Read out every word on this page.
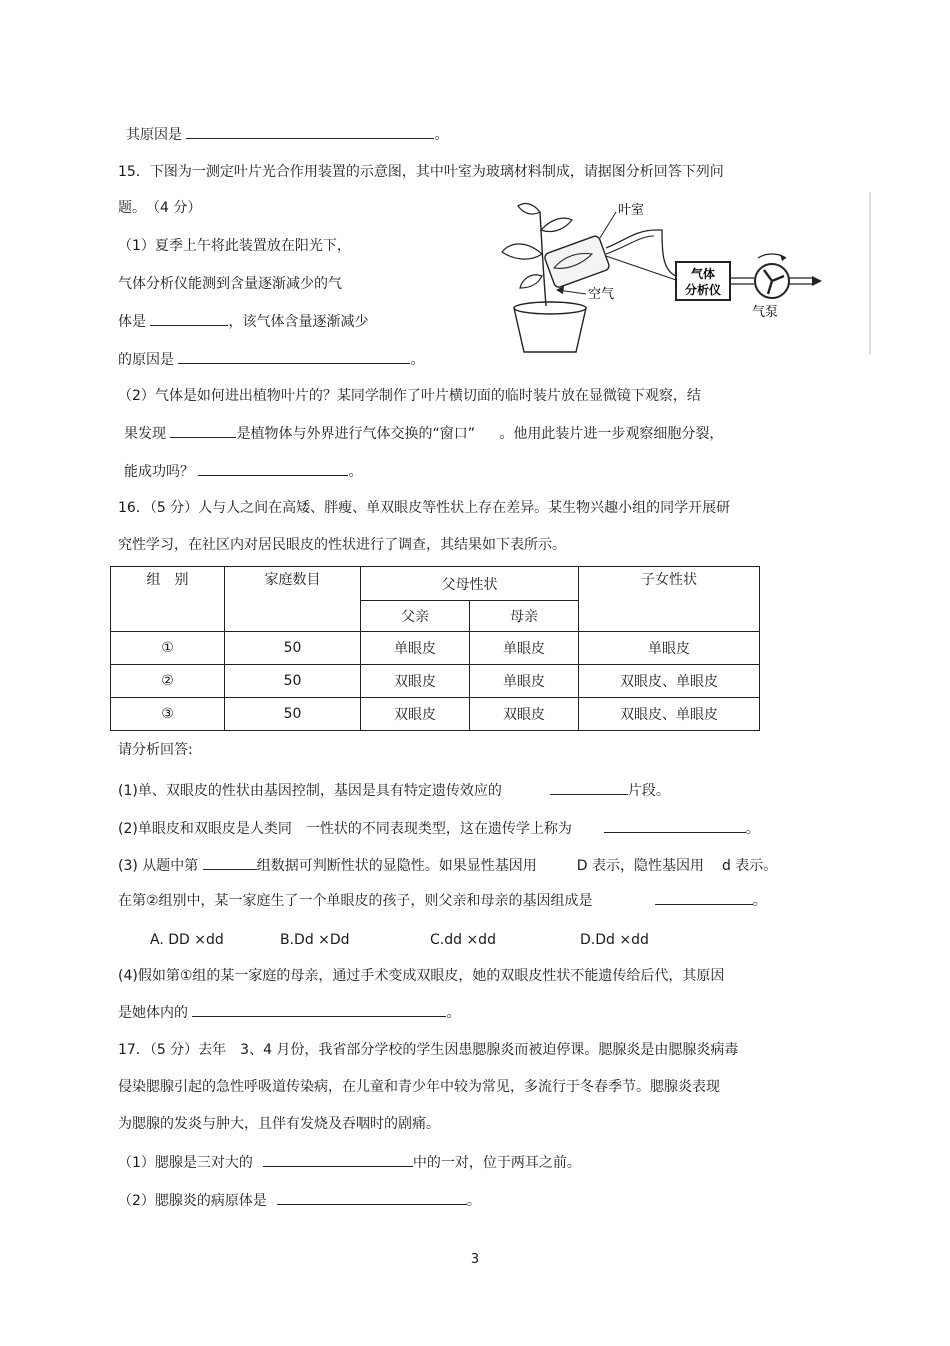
其原因是	。
15．下图为一测定叶片光合作用装置的示意图，其中叶室为玻璃材料制成，请据图分析回答下列问
题。　（4 分）
（1）夏季上午将此装置放在阳光下，
气体分析仪能测到含量逐渐减少的气
体是	，该气体含量逐渐减少
的原因是	。
叶室
空气
气体
分析仪
气泵
（2）气体是如何进出植物叶片的？某同学制作了叶片横切面的临时装片放在显微镜下观察，结
果发现	是植物体与外界进行气体交换的“窗口” 。他用此装片进一步观察细胞分裂，
能成功吗？	。
16．（5 分）人与人之间在高矮、胖瘦、单双眼皮等性状上存在差异。某生物兴趣小组的同学开展研
究性学习，在社区内对居民眼皮的性状进行了调查，其结果如下表所示。
组　别	家庭数目	父母性状		子女性状
		父亲	母亲	
①	50	单眼皮	单眼皮	单眼皮
②	50	双眼皮	单眼皮	双眼皮、单眼皮
③	50	双眼皮	双眼皮	双眼皮、单眼皮
请分析回答:
(1)单、双眼皮的性状由基因控制，基因是具有特定遗传效应的	片段。
(2)单眼皮和双眼皮是人类同 一性状的不同表现类型，这在遗传学上称为	。
(3) 从题中第	组数据可判断性状的显隐性。如果显性基因用	D 表示，隐性基因用 d 表示。
在第②组别中，某一家庭生了一个单眼皮的孩子，则父亲和母亲的基因组成是	。
A. DD ×dd	B.Dd ×Dd	C.dd ×dd	D.Dd ×dd
(4)假如第①组的某一家庭的母亲，通过手术变成双眼皮，她的双眼皮性状不能遗传给后代，其原因
是她体内的	。
17．（5 分）去年　3、4 月份，我省部分学校的学生因患腮腺炎而被迫停课。腮腺炎是由腮腺炎病毒
侵染腮腺引起的急性呼吸道传染病，在儿童和青少年中较为常见，多流行于冬春季节。腮腺炎表现
为腮腺的发炎与肿大，且伴有发烧及吞咽时的剧痛。
（1）腮腺是三对大的	中的一对，位于两耳之前。
（2）腮腺炎的病原体是	。
3
